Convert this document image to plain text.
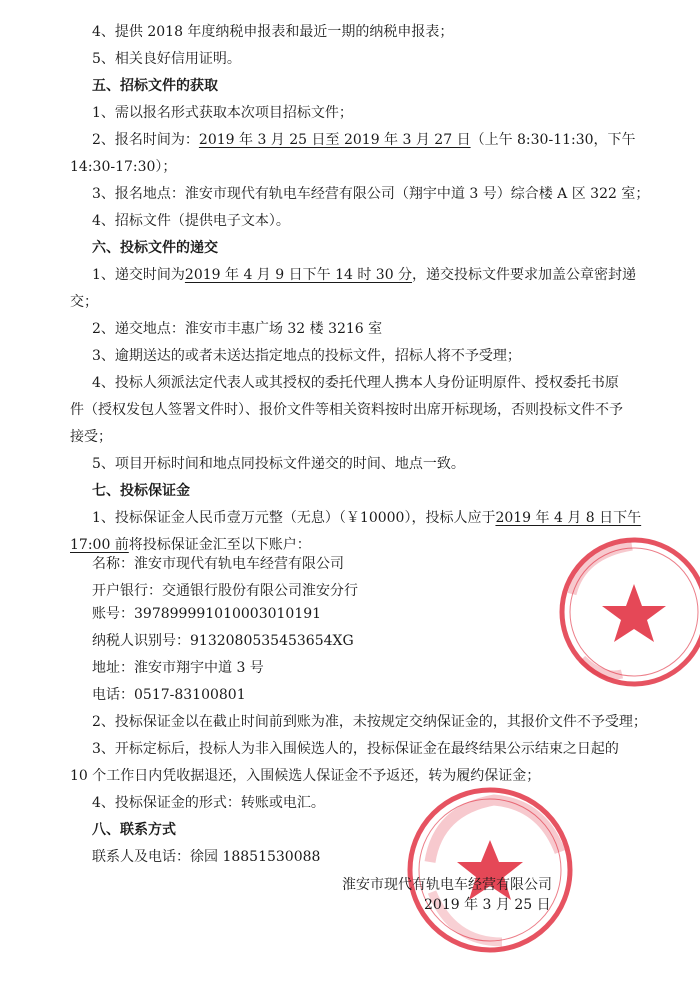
4、提供 2018 年度纳税申报表和最近一期的纳税申报表；
5、相关良好信用证明。
五、招标文件的获取
1、需以报名形式获取本次项目招标文件；
2、报名时间为：2019 年 3 月 25 日至 2019 年 3 月 27 日（上午 8:30-11:30，下午
14:30-17:30）；
3、报名地点：淮安市现代有轨电车经营有限公司（翔宇中道 3 号）综合楼 A 区 322 室；
4、招标文件（提供电子文本）。
六、投标文件的递交
1、递交时间为2019 年 4 月 9 日下午 14 时 30 分，递交投标文件要求加盖公章密封递
交；
2、递交地点：淮安市丰惠广场 32 楼 3216 室
3、逾期送达的或者未送达指定地点的投标文件，招标人将不予受理；
4、投标人须派法定代表人或其授权的委托代理人携本人身份证明原件、授权委托书原
件（授权发包人签署文件时）、报价文件等相关资料按时出席开标现场，否则投标文件不予
接受；
5、项目开标时间和地点同投标文件递交的时间、地点一致。
七、投标保证金
1、投标保证金人民币壹万元整（无息）（￥10000），投标人应于2019 年 4 月 8 日下午
17:00 前将投标保证金汇至以下账户：
名称：淮安市现代有轨电车经营有限公司
开户银行：交通银行股份有限公司淮安分行
账号：397899991010003010191
纳税人识别号：9132080535453654XG
地址：淮安市翔宇中道 3 号
电话：0517-83100801
2、投标保证金以在截止时间前到账为准，未按规定交纳保证金的，其报价文件不予受理；
3、开标定标后，投标人为非入围候选人的，投标保证金在最终结果公示结束之日起的
10 个工作日内凭收据退还，入围候选人保证金不予返还，转为履约保证金；
4、投标保证金的形式：转账或电汇。
八、联系方式
联系人及电话：徐园 18851530088
淮安市现代有轨电车经营有限公司
2019 年 3 月 25 日
